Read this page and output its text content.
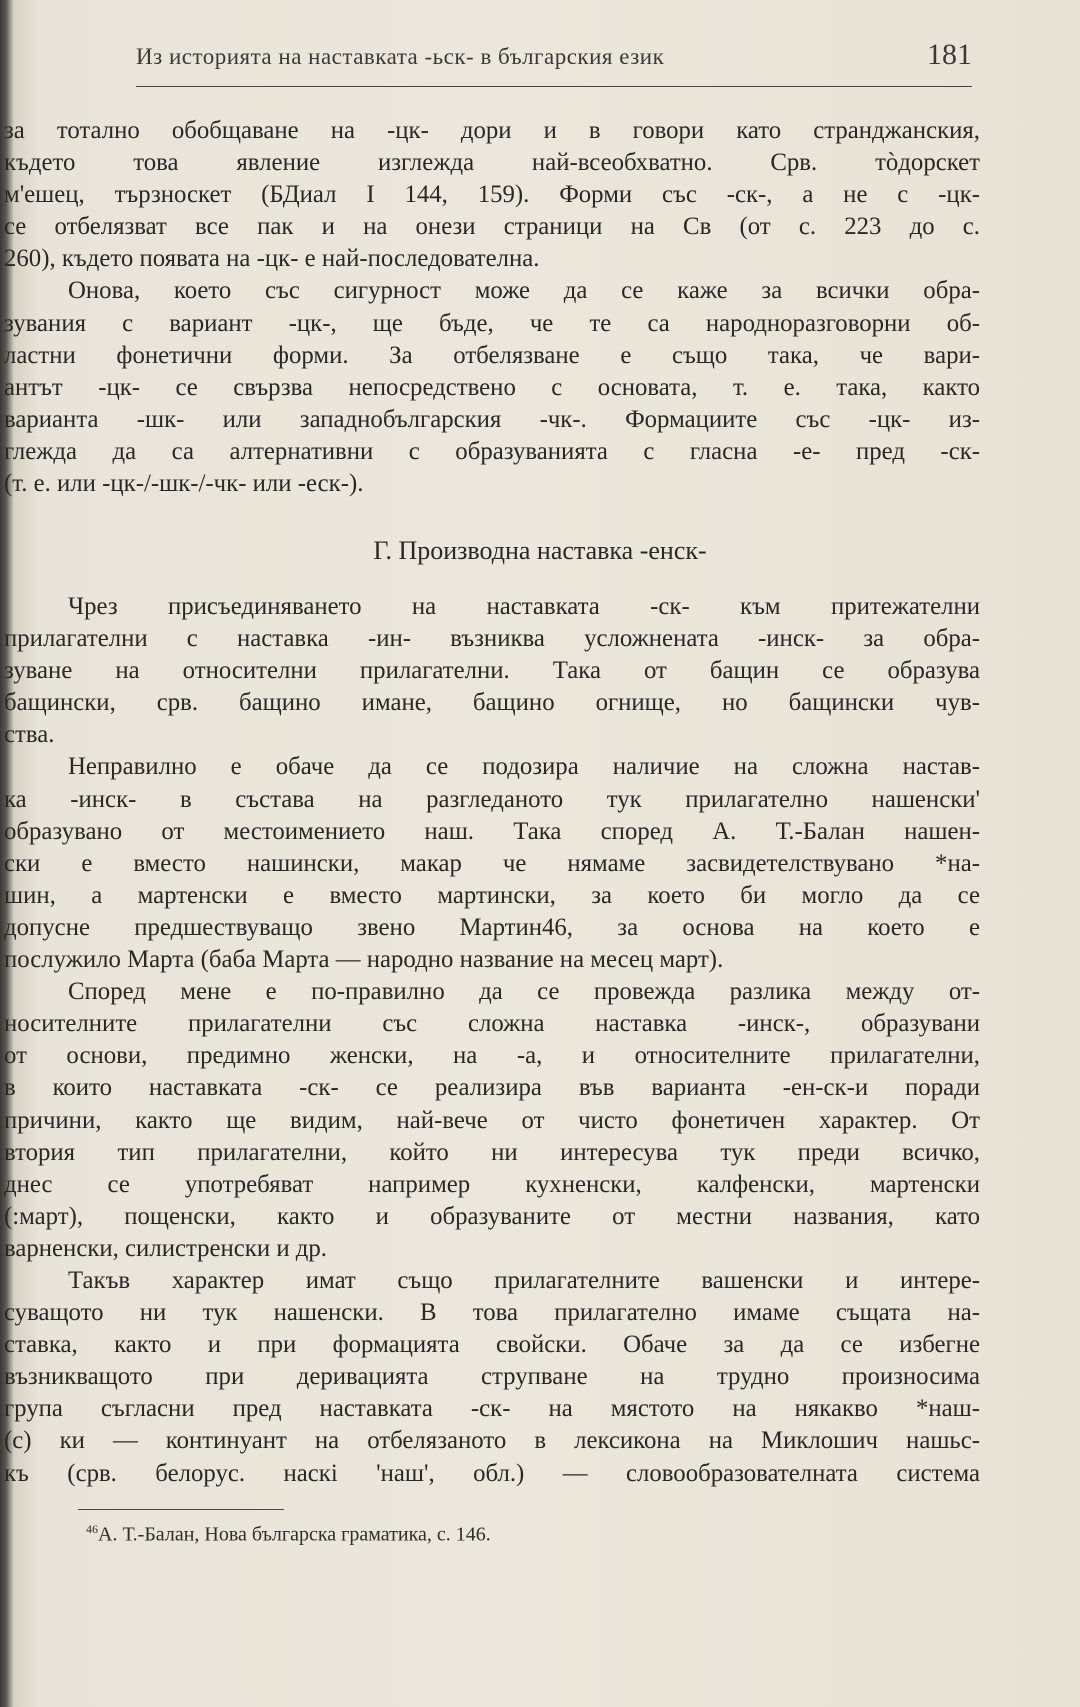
Из историята на наставката -ьск- в българския език	181
за тотално обобщаване на -цк- дори и в говори като странджанския,
където това явление изглежда най-всеобхватно. Срв. тòдорскет
м'ешец, тързноскет (БДиал I 144, 159). Форми със -ск-, а не с -цк-
се отбелязват все пак и на онези страници на Св (от с. 223 до с.
260), където появата на -цк- е най-последователна.
Онова, което със сигурност може да се каже за всички обра-
зувания с вариант -цк-, ще бъде, че те са народноразговорни об-
ластни фонетични форми. За отбелязване е също така, че вари-
антът -цк- се свързва непосредствено с основата, т. е. така, както
варианта -шк- или западнобългарския -чк-. Формациите със -цк- из-
глежда да са алтернативни с образуванията с гласна -е- пред -ск-
(т. е. или -цк-/-шк-/-чк- или -еск-).
Г. Производна наставка -енск-
Чрез присъединяването на наставката -ск- към притежателни
прилагателни с наставка -ин- възниква усложнената -инск- за обра-
зуване на относителни прилагателни. Така от бащин се образува
бащински, срв. бащино имане, бащино огнище, но бащински чув-
ства.
Неправилно е обаче да се подозира наличие на сложна настав-
ка -инск- в състава на разгледаното тук прилагателно нашенски'
образувано от местоимението наш. Така според А. Т.-Балан нашен-
ски е вместо нашински, макар че нямаме засвидетелствувано *на-
шин, а мартенски е вместо мартински, за което би могло да се
допусне предшествуващо звено Мартин46, за основа на което е
послужило Марта (баба Марта — народно название на месец март).
Според мене е по-правилно да се провежда разлика между от-
носителните прилагателни със сложна наставка -инск-, образувани
от основи, предимно женски, на -а, и относителните прилагателни,
в които наставката -ск- се реализира във варианта -ен-ск-и поради
причини, както ще видим, най-вече от чисто фонетичен характер. От
втория тип прилагателни, който ни интересува тук преди всичко,
днес се употребяват например кухненски, калфенски, мартенски
(:март), пощенски, както и образуваните от местни названия, като
варненски, силистренски и др.
Такъв характер имат също прилагателните вашенски и интере-
суващото ни тук нашенски. В това прилагателно имаме същата на-
ставка, както и при формацията свойски. Обаче за да се избегне
възникващото при деривацията струпване на трудно произносима
група съгласни пред наставката -ск- на мястото на някакво *наш-
(с) ки — континуант на отбелязаното в лексикона на Миклошич нашьс-
къ (срв. белорус. наскі 'наш', обл.) — словообразователната система
$^{46}$А. Т.-Балан, Нова българска граматика, с. 146.
